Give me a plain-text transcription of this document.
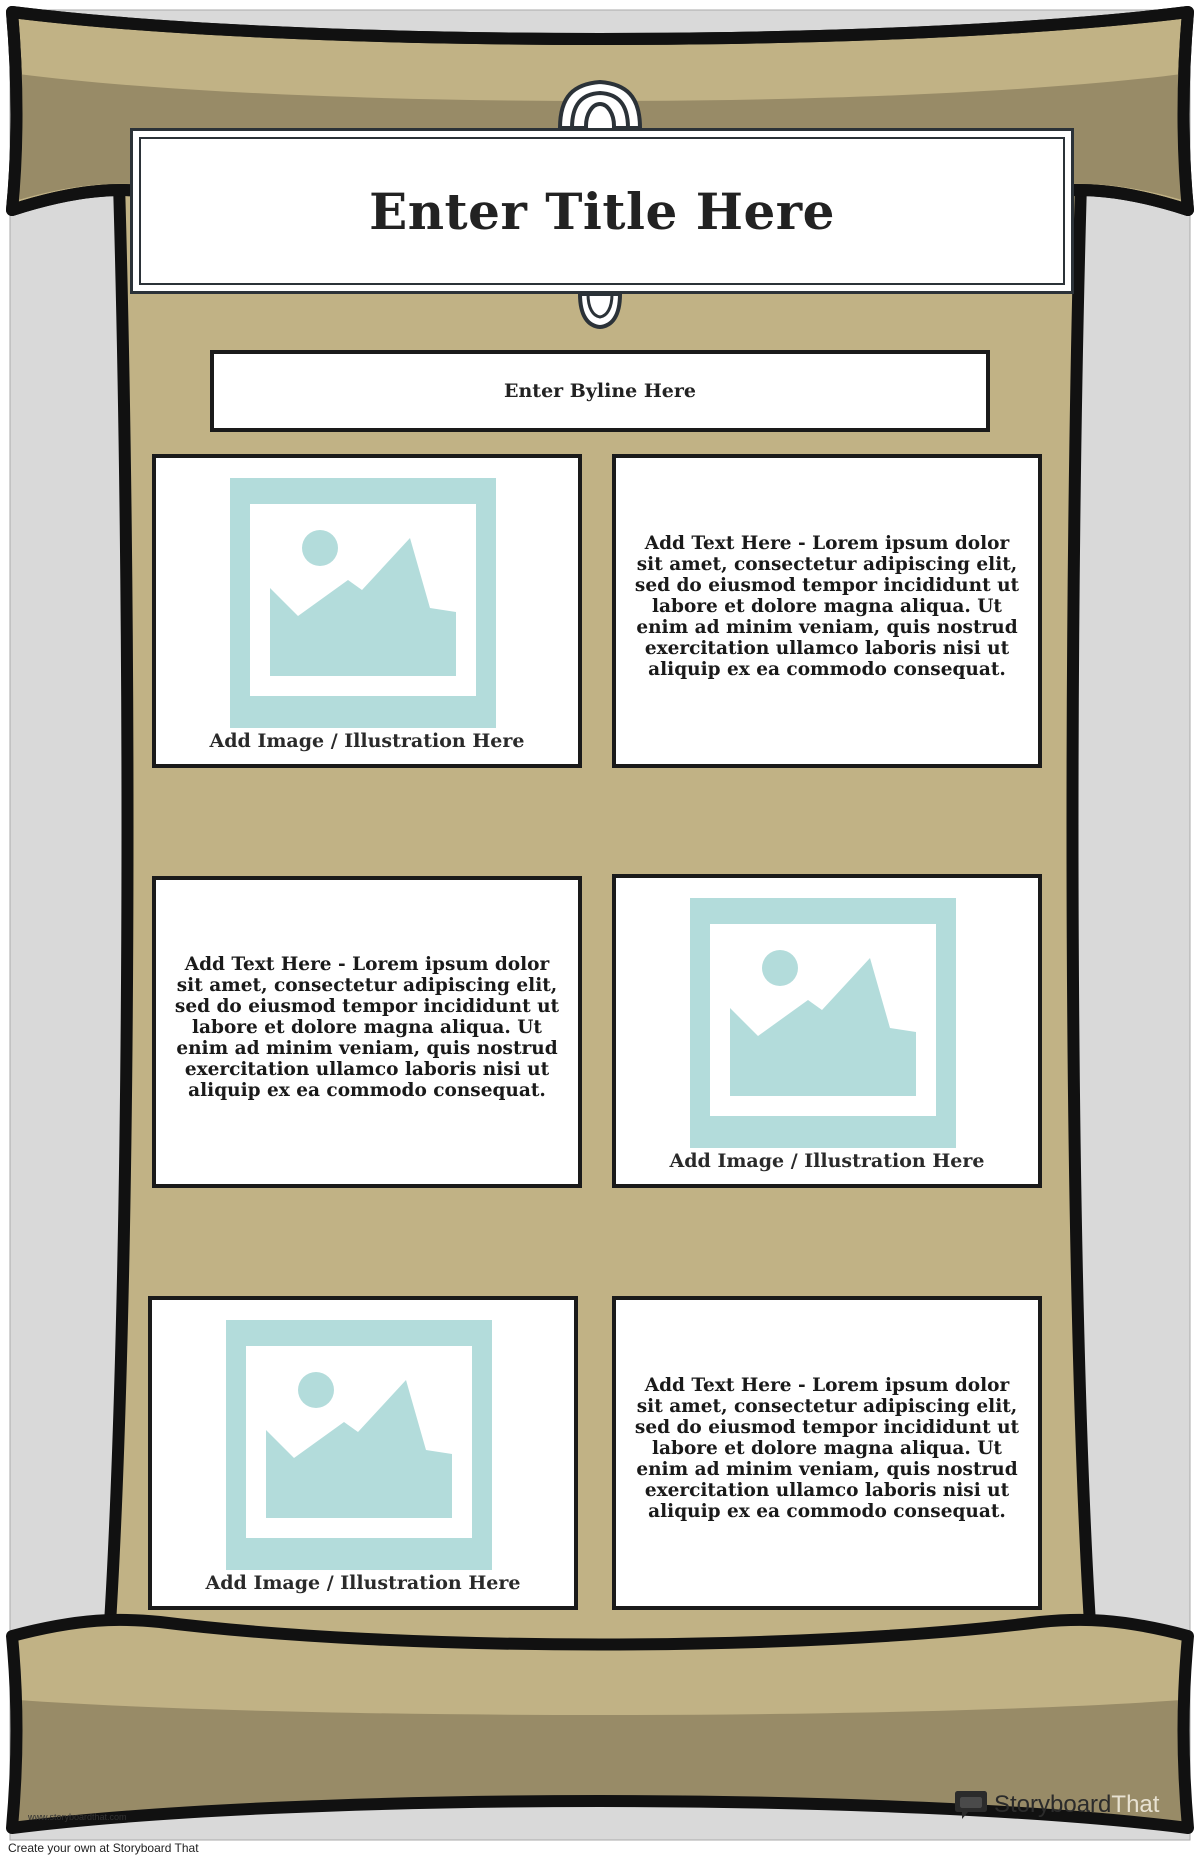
Enter Title Here
Enter Byline Here
Add Image / Illustration Here
Add Text Here - Lorem ipsum dolor sit amet, consectetur adipiscing elit, sed do eiusmod tempor incididunt ut labore et dolore magna aliqua. Ut enim ad minim veniam, quis nostrud exercitation ullamco laboris nisi ut aliquip ex ea commodo consequat.
Add Text Here - Lorem ipsum dolor sit amet, consectetur adipiscing elit, sed do eiusmod tempor incididunt ut labore et dolore magna aliqua. Ut enim ad minim veniam, quis nostrud exercitation ullamco laboris nisi ut aliquip ex ea commodo consequat.
Add Image / Illustration Here
Add Image / Illustration Here
Add Text Here - Lorem ipsum dolor sit amet, consectetur adipiscing elit, sed do eiusmod tempor incididunt ut labore et dolore magna aliqua. Ut enim ad minim veniam, quis nostrud exercitation ullamco laboris nisi ut aliquip ex ea commodo consequat.
www.storyboardthat.com	Storyboard That
Create your own at Storyboard That
